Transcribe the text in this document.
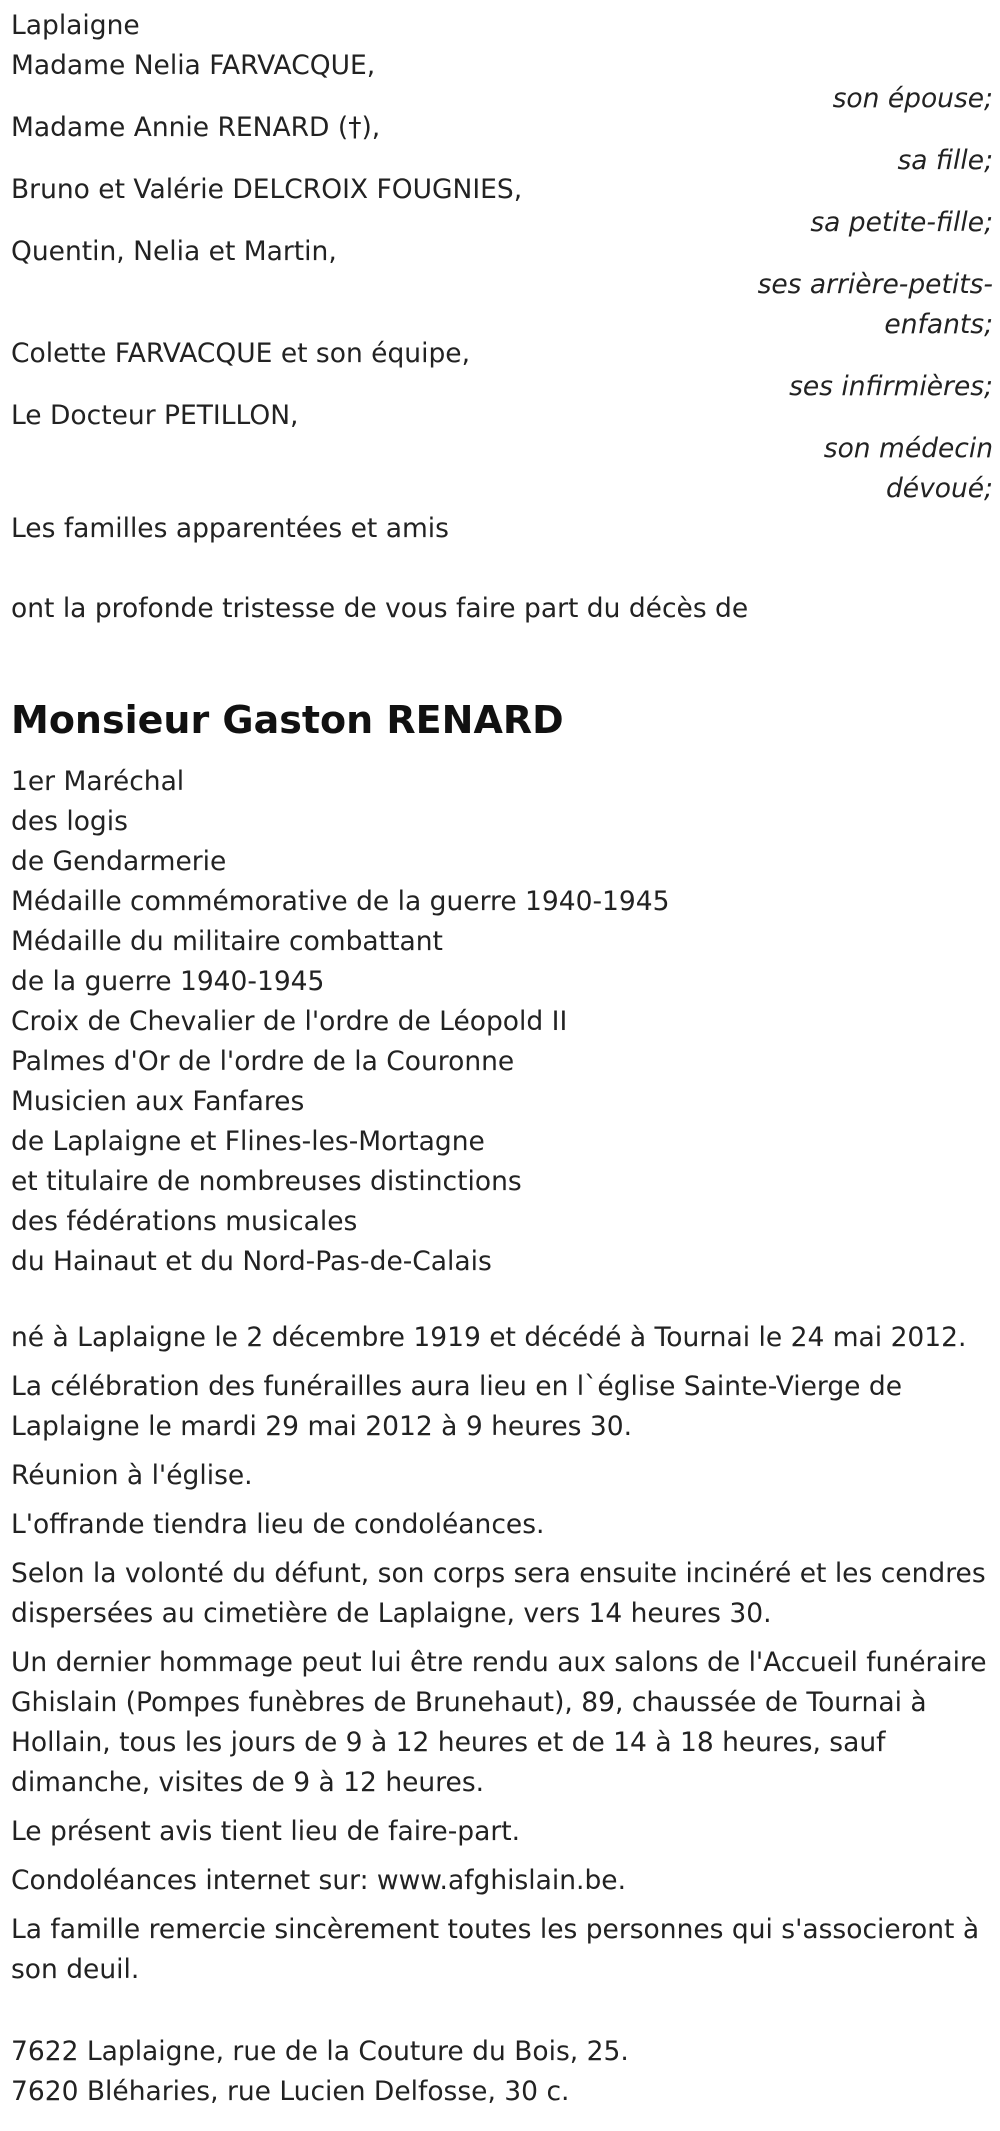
Laplaigne

Madame Nelia FARVACQUE,

son épouse;

Madame Annie RENARD (†),

sa fille;

Bruno et Valérie DELCROIX FOUGNIES,

sa petite-fille;

Quentin, Nelia et Martin,

ses arrière-petits-enfants;

Colette FARVACQUE et son équipe,

ses infirmières;

Le Docteur PETILLON,

son médecin dévoué;

Les familles apparentées et amis

ont la profonde tristesse de vous faire part du décès de

Monsieur Gaston RENARD
1er Maréchal
des logis
de Gendarmerie
Médaille commémorative de la guerre 1940-1945
Médaille du militaire combattant
de la guerre 1940-1945
Croix de Chevalier de l'ordre de Léopold II
Palmes d'Or de l'ordre de la Couronne
Musicien aux Fanfares
de Laplaigne et Flines-les-Mortagne
et titulaire de nombreuses distinctions
des fédérations musicales
du Hainaut et du Nord-Pas-de-Calais

né à Laplaigne le 2 décembre 1919 et décédé à Tournai le 24 mai 2012.

La célébration des funérailles aura lieu en l`église Sainte-Vierge de Laplaigne le mardi 29 mai 2012 à 9 heures 30.

Réunion à l'église.

L'offrande tiendra lieu de condoléances.

Selon la volonté du défunt, son corps sera ensuite inciné​ré et les cendres dispersées au cimetière de Laplaigne, vers 14 heures 30.

Un dernier hommage peut lui être rendu aux salons de l'Accueil funéraire Ghislain (Pompes funèbres de Brunehaut), 89, chaussée de Tournai à Hollain, tous les jours de 9 à 12 heures et de 14 à 18 heures, sauf dimanche, visites de 9 à 12 heures.

Le présent avis tient lieu de faire-part.

Condoléances internet sur: www.afghislain.be.

La famille remercie sincèrement toutes les personnes qui s'associeront à son deuil.

7622 Laplaigne, rue de la Couture du Bois, 25.

7620 Bléharies, rue Lucien Delfosse, 30 c.
